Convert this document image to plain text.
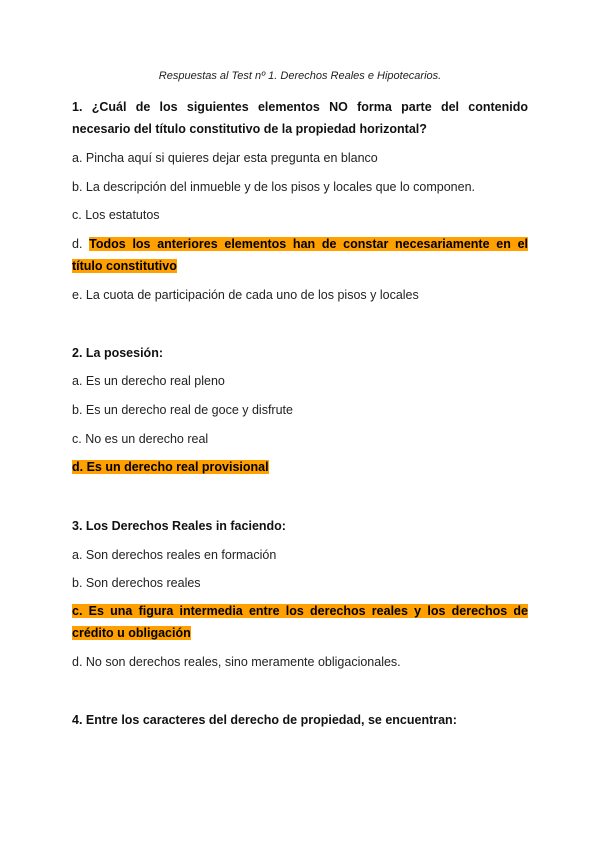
Respuestas al Test nº 1. Derechos Reales e Hipotecarios.
1. ¿Cuál de los siguientes elementos NO forma parte del contenido necesario del título constitutivo de la propiedad horizontal?
a. Pincha aquí si quieres dejar esta pregunta en blanco
b. La descripción del inmueble y de los pisos y locales que lo componen.
c. Los estatutos
d. Todos los anteriores elementos han de constar necesariamente en el título constitutivo
e. La cuota de participación de cada uno de los pisos y locales
2. La posesión:
a. Es un derecho real pleno
b. Es un derecho real de goce y disfrute
c. No es un derecho real
d. Es un derecho real provisional
3. Los Derechos Reales in faciendo:
a. Son derechos reales en formación
b. Son derechos reales
c. Es una figura intermedia entre los derechos reales y los derechos de crédito u obligación
d. No son derechos reales, sino meramente obligacionales.
4. Entre los caracteres del derecho de propiedad, se encuentran:
